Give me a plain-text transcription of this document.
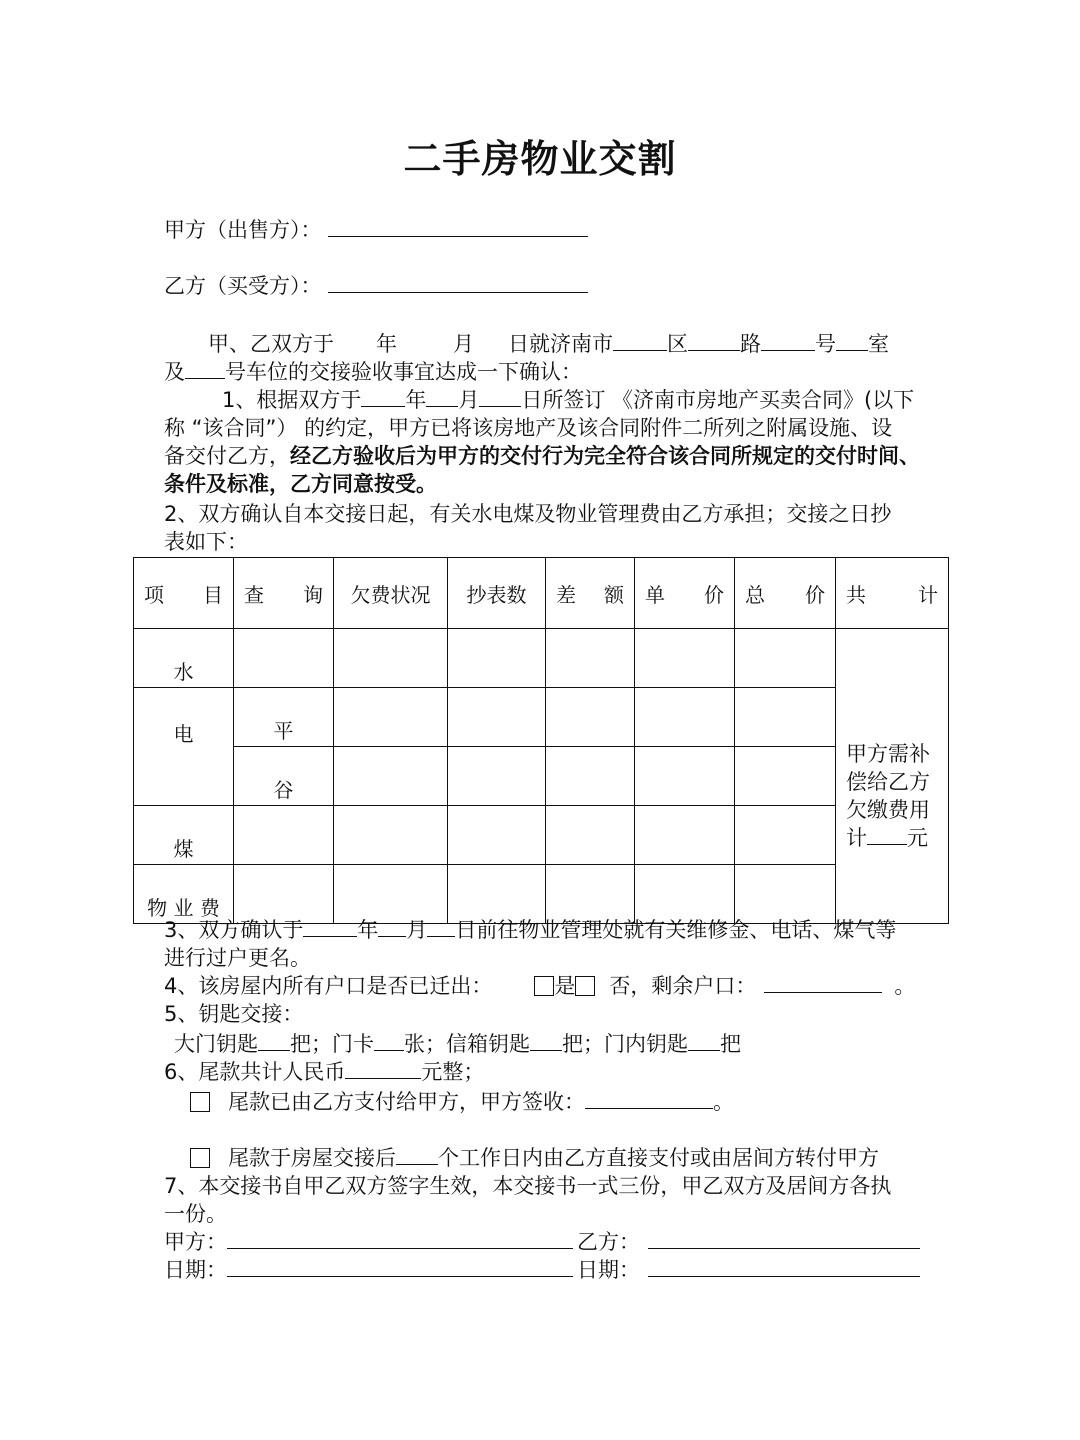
二手房物业交割
甲方（出售方）：
乙方（买受方）：
甲、乙双方于 年	月 日就济南市	区 路	号 室
及 号车位的交接验收事宜达成一下确认：
1、根据双方于 年 月 日所签订 《济南市房地产买卖合同》(以下
称 “该合同”） 的约定，甲方已将该房地产及该合同附件二所列之附属设施、设
备交付乙方，经乙方验收后为甲方的交付行为完全符合该合同所规定的交付时间、
条件及标准，乙方同意按受。
2、双方确认自本交接日起，有关水电煤及物业管理费由乙方承担；交接之日抄
表如下：
项 目	查 询	欠费状况	抄表数	差 额	单 价	总 价	共 计

水							甲方需补
偿给乙方
欠缴费用
计 元

电	平						
	谷						
煤							
物 业 费							
3、双方确认于	年 月 日前往物业管理处就有关维修金、电话、煤气等
进行过户更名。
4、该房屋内所有户口是否已迁出：	是 否，剩余户口：	。
5、钥匙交接：
大门钥匙 把；门卡 张；信箱钥匙 把；门内钥匙 把
6、尾款共计人民币	元整；
尾款已由乙方支付给甲方，甲方签收：	。
尾款于房屋交接后 个工作日内由乙方直接支付或由居间方转付甲方
7、本交接书自甲乙双方签字生效，本交接书一式三份，甲乙双方及居间方各执
一份。
甲方：	乙方：
日期：	日期：
